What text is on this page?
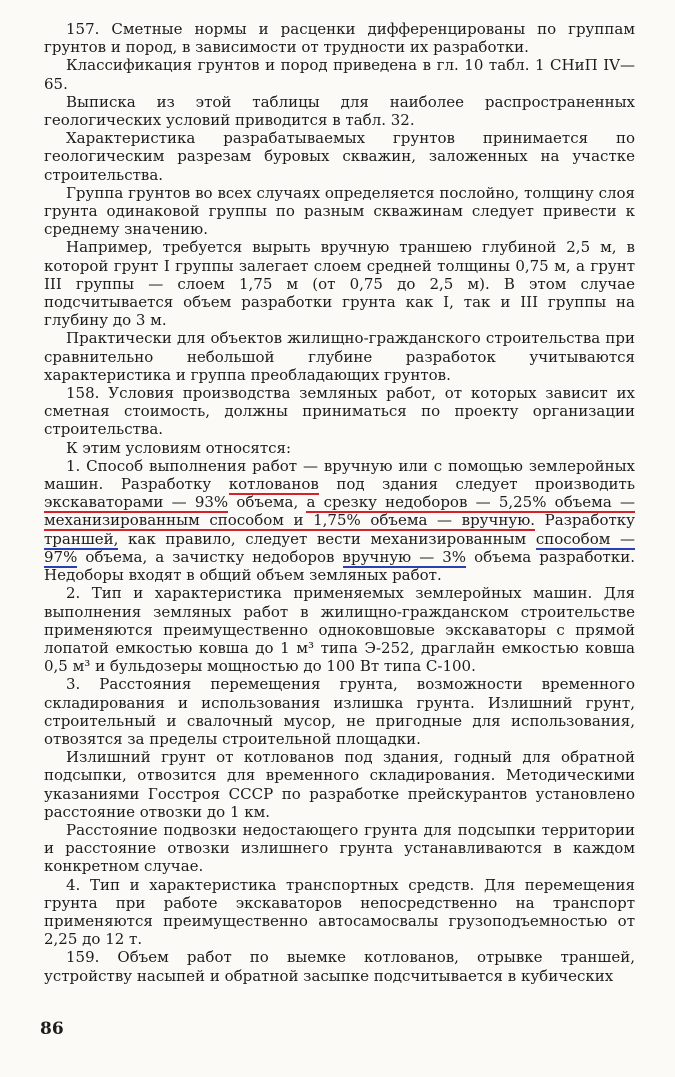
157. Сметные нормы и расценки дифференцированы по группам грунтов и пород, в зависимости от трудности их разработки.

Классификация грунтов и пород приведена в гл. 10 табл. 1 СНиП IV—65.

Выписка из этой таблицы для наиболее распространенных геологических условий приводится в табл. 32.

Характеристика разрабатываемых грунтов принимается по геологическим разрезам буровых скважин, заложенных на участке строительства.

Группа грунтов во всех случаях определяется послойно, толщину слоя грунта одинаковой группы по разным скважинам следует привести к среднему значению.

Например, требуется вырыть вручную траншею глубиной 2,5 м, в которой грунт I группы залегает слоем средней толщины 0,75 м, а грунт III группы — слоем 1,75 м (от 0,75 до 2,5 м). В этом случае подсчитывается объем разработки грунта как I, так и III группы на глубину до 3 м.

Практически для объектов жилищно-гражданского строительства при сравнительно небольшой глубине разработок учитываются характеристика и группа преобладающих грунтов.

158. Условия производства земляных работ, от которых зависит их сметная стоимость, должны приниматься по проекту организации строительства.

К этим условиям относятся:

1. Способ выполнения работ — вручную или с помощью землеройных машин. Разработку котлованов под здания следует производить экскаваторами — 93% объема, а срезку недоборов — 5,25% объема — механизированным способом и 1,75% объема — вручную. Разработку траншей, как правило, следует вести механизированным способом — 97% объема, а зачистку недоборов вручную — 3% объема разработки. Недоборы входят в общий объем земляных работ.

2. Тип и характеристика применяемых землеройных машин. Для выполнения земляных работ в жилищно-гражданском строительстве применяются преимущественно одноковшовые экскаваторы с прямой лопатой емкостью ковша до 1 м³ типа Э-252, драглайн емкостью ковша 0,5 м³ и бульдозеры мощностью до 100 Вт типа С-100.

3. Расстояния перемещения грунта, возможности временного складирования и использования излишка грунта. Излишний грунт, строительный и свалочный мусор, не пригодные для использования, отвозятся за пределы строительной площадки.

Излишний грунт от котлованов под здания, годный для обратной подсыпки, отвозится для временного складирования. Методическими указаниями Госстроя СССР по разработке прейскурантов установлено расстояние отвозки до 1 км.

Расстояние подвозки недостающего грунта для подсыпки территории и расстояние отвозки излишнего грунта устанавливаются в каждом конкретном случае.

4. Тип и характеристика транспортных средств. Для перемещения грунта при работе экскаваторов непосредственно на транспорт применяются преимущественно автосамосвалы грузоподъемностью от 2,25 до 12 т.

159. Объем работ по выемке котлованов, отрывке траншей, устройству насыпей и обратной засыпке подсчитывается в кубических

86
